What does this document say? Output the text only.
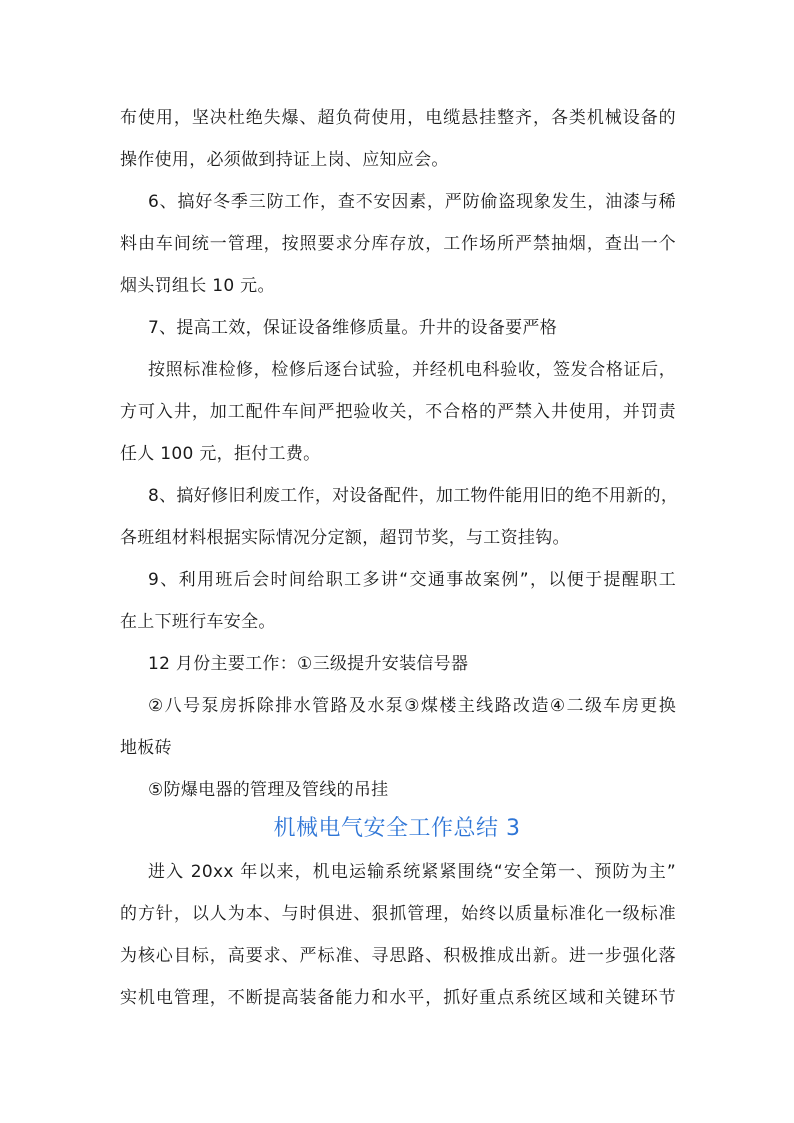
布使用，坚决杜绝失爆、超负荷使用，电缆悬挂整齐，各类机械设备的
操作使用，必须做到持证上岗、应知应会。
6、搞好冬季三防工作，查不安因素，严防偷盗现象发生，油漆与稀
料由车间统一管理，按照要求分库存放，工作场所严禁抽烟，查出一个
烟头罚组长 10 元。
7、提高工效，保证设备维修质量。升井的设备要严格
按照标准检修，检修后逐台试验，并经机电科验收，签发合格证后，
方可入井，加工配件车间严把验收关，不合格的严禁入井使用，并罚责
任人 100 元，拒付工费。
8、搞好修旧利废工作，对设备配件，加工物件能用旧的绝不用新的，
各班组材料根据实际情况分定额，超罚节奖，与工资挂钩。
9、利用班后会时间给职工多讲“交通事故案例”，以便于提醒职工
在上下班行车安全。
12 月份主要工作：①三级提升安装信号器
②八号泵房拆除排水管路及水泵③煤楼主线路改造④二级车房更换
地板砖
⑤防爆电器的管理及管线的吊挂
机械电气安全工作总结 3
进入 20xx 年以来，机电运输系统紧紧围绕“安全第一、预防为主”
的方针，以人为本、与时俱进、狠抓管理，始终以质量标准化一级标准
为核心目标，高要求、严标准、寻思路、积极推成出新。进一步强化落
实机电管理，不断提高装备能力和水平，抓好重点系统区域和关键环节
